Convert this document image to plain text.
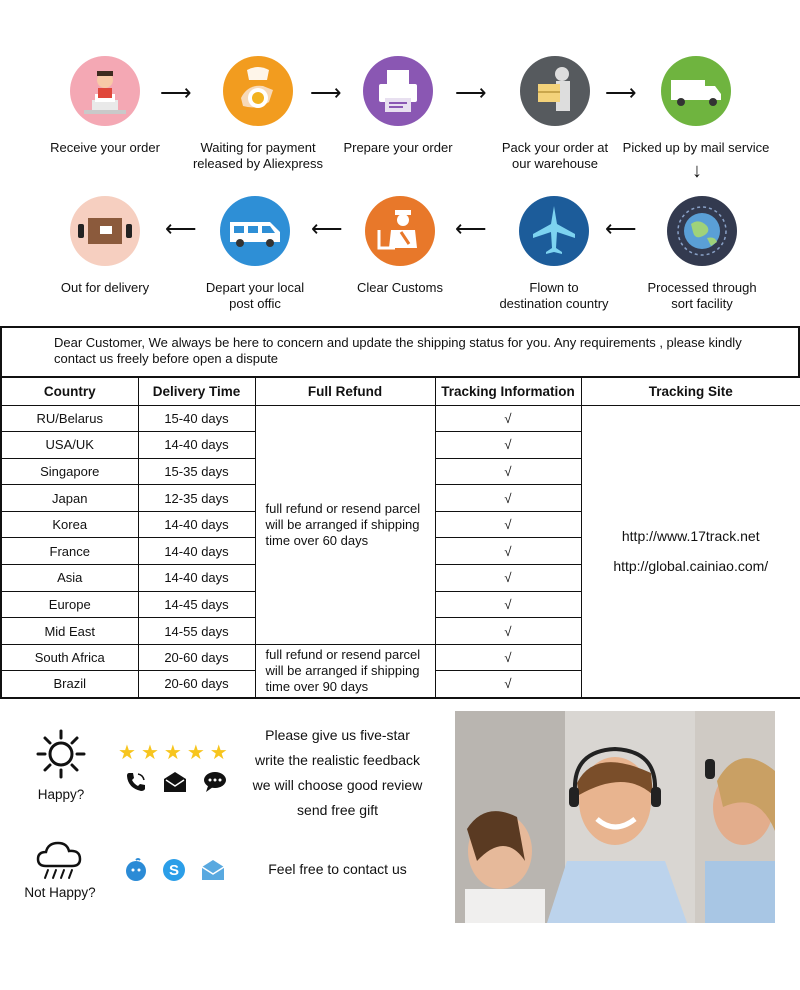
Receive your order

⟶
Waiting for payment
released by Aliexpress
⟶
Prepare your order

⟶
Pack your order at
our warehouse
⟶
Picked up by mail service

↓
Out for delivery

⟵
Depart your local
post offic
⟵
Clear Customs

⟵
Flown to
destination country
⟵
Processed through
sort facility
Dear Customer, We always be here to concern and update the shipping status for you. Any requirements , please kindly
contact us freely before open a dispute
Country	Delivery Time	Full Refund	Tracking Information	Tracking Site
RU/Belarus	15-40 days	full refund or resend parcel
will be arranged if shipping
time over 60 days	√	http://www.17track.net
http://global.cainiao.com/
USA/UK	14-40 days		√	
Singapore	15-35 days		√	
Japan	12-35 days		√	
Korea	14-40 days		√	
France	14-40 days		√	
Asia	14-40 days		√	
Europe	14-45 days		√	
Mid East	14-55 days		√	
South Africa	20-60 days	full refund or resend parcel
will be arranged if shipping
time over 90 days	√	
Brazil	20-60 days		√	
Happy?
★ ★ ★ ★ ★
Please give us five-star
write the realistic feedback
we will choose good review
send free gift
Not Happy?
S	Feel free to contact us
